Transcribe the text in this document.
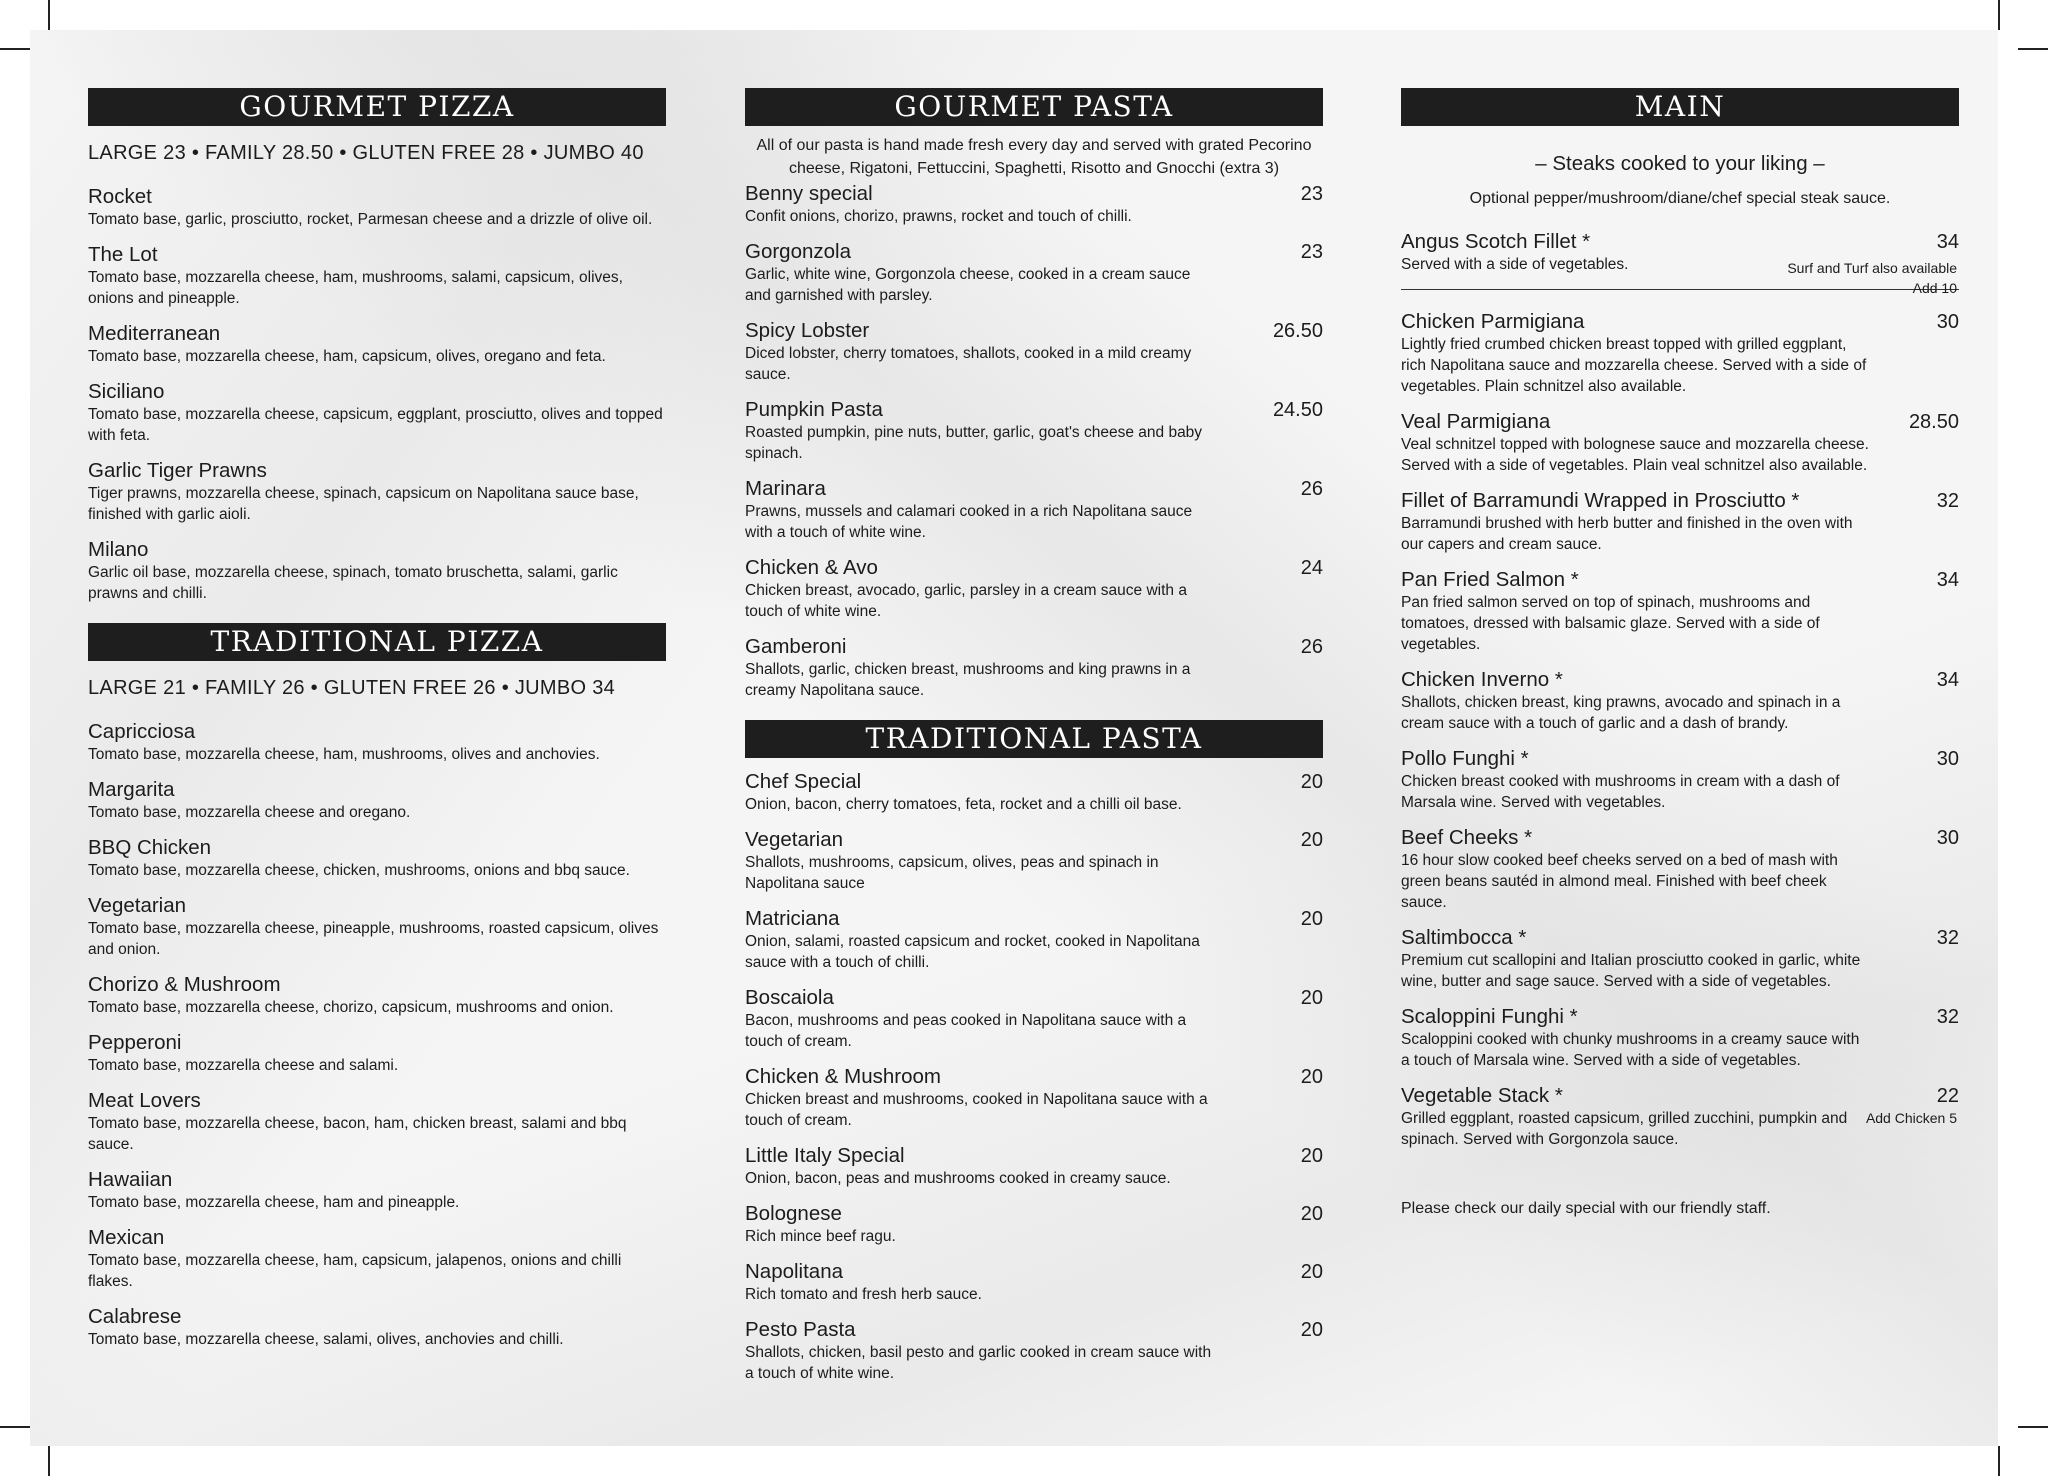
GOURMET PIZZA
LARGE 23 • FAMILY 28.50 • GLUTEN FREE 28 • JUMBO 40
Rocket
Tomato base, garlic, prosciutto, rocket, Parmesan cheese and a drizzle of olive oil.
The Lot
Tomato base, mozzarella cheese, ham, mushrooms, salami, capsicum, olives, onions and pineapple.
Mediterranean
Tomato base, mozzarella cheese, ham, capsicum, olives, oregano and feta.
Siciliano
Tomato base, mozzarella cheese, capsicum, eggplant, prosciutto, olives and topped with feta.
Garlic Tiger Prawns
Tiger prawns, mozzarella cheese, spinach, capsicum on Napolitana sauce base, finished with garlic aioli.
Milano
Garlic oil base, mozzarella cheese, spinach, tomato bruschetta, salami, garlic prawns and chilli.
TRADITIONAL PIZZA
LARGE 21 • FAMILY 26 • GLUTEN FREE 26 • JUMBO 34
Capricciosa
Tomato base, mozzarella cheese, ham, mushrooms, olives and anchovies.
Margarita
Tomato base, mozzarella cheese and oregano.
BBQ Chicken
Tomato base, mozzarella cheese, chicken, mushrooms, onions and bbq sauce.
Vegetarian
Tomato base, mozzarella cheese, pineapple, mushrooms, roasted capsicum, olives and onion.
Chorizo & Mushroom
Tomato base, mozzarella cheese, chorizo, capsicum, mushrooms and onion.
Pepperoni
Tomato base, mozzarella cheese and salami.
Meat Lovers
Tomato base, mozzarella cheese, bacon, ham, chicken breast, salami and bbq sauce.
Hawaiian
Tomato base, mozzarella cheese, ham and pineapple.
Mexican
Tomato base, mozzarella cheese, ham, capsicum, jalapenos, onions and chilli flakes.
Calabrese
Tomato base, mozzarella cheese, salami, olives, anchovies and chilli.
GOURMET PASTA
All of our pasta is hand made fresh every day and served with grated Pecorino cheese, Rigatoni, Fettuccini, Spaghetti, Risotto and Gnocchi (extra 3)
Benny special	23
Confit onions, chorizo, prawns, rocket and touch of chilli.
Gorgonzola	23
Garlic, white wine, Gorgonzola cheese, cooked in a cream sauce and garnished with parsley.
Spicy Lobster	26.50
Diced lobster, cherry tomatoes, shallots, cooked in a mild creamy sauce.
Pumpkin Pasta	24.50
Roasted pumpkin, pine nuts, butter, garlic, goat's cheese and baby spinach.
Marinara	26
Prawns, mussels and calamari cooked in a rich Napolitana sauce with a touch of white wine.
Chicken & Avo	24
Chicken breast, avocado, garlic, parsley in a cream sauce with a touch of white wine.
Gamberoni	26
Shallots, garlic, chicken breast, mushrooms and king prawns in a creamy Napolitana sauce.
TRADITIONAL PASTA
Chef Special	20
Onion, bacon, cherry tomatoes, feta, rocket and a chilli oil base.
Vegetarian	20
Shallots, mushrooms, capsicum, olives, peas and spinach in Napolitana sauce
Matriciana	20
Onion, salami, roasted capsicum and rocket, cooked in Napolitana sauce with a touch of chilli.
Boscaiola	20
Bacon, mushrooms and peas cooked in Napolitana sauce with a touch of cream.
Chicken & Mushroom	20
Chicken breast and mushrooms, cooked in Napolitana sauce with a touch of cream.
Little Italy Special	20
Onion, bacon, peas and mushrooms cooked in creamy sauce.
Bolognese	20
Rich mince beef ragu.
Napolitana	20
Rich tomato and fresh herb sauce.
Pesto Pasta	20
Shallots, chicken, basil pesto and garlic cooked in cream sauce with a touch of white wine.
MAIN
– Steaks cooked to your liking –
Optional pepper/mushroom/diane/chef special steak sauce.
Angus Scotch Fillet *	34
Served with a side of vegetables.	Surf and Turf also available
Add 10
Chicken Parmigiana	30
Lightly fried crumbed chicken breast topped with grilled eggplant, rich Napolitana sauce and mozzarella cheese. Served with a side of vegetables. Plain schnitzel also available.
Veal Parmigiana	28.50
Veal schnitzel topped with bolognese sauce and mozzarella cheese. Served with a side of vegetables. Plain veal schnitzel also available.
Fillet of Barramundi Wrapped in Prosciutto *	32
Barramundi brushed with herb butter and finished in the oven with our capers and cream sauce.
Pan Fried Salmon *	34
Pan fried salmon served on top of spinach, mushrooms and tomatoes, dressed with balsamic glaze. Served with a side of vegetables.
Chicken Inverno *	34
Shallots, chicken breast, king prawns, avocado and spinach in a cream sauce with a touch of garlic and a dash of brandy.
Pollo Funghi *	30
Chicken breast cooked with mushrooms in cream with a dash of Marsala wine. Served with vegetables.
Beef Cheeks *	30
16 hour slow cooked beef cheeks served on a bed of mash with green beans sautéd in almond meal. Finished with beef cheek sauce.
Saltimbocca *	32
Premium cut scallopini and Italian prosciutto cooked in garlic, white wine, butter and sage sauce. Served with a side of vegetables.
Scaloppini Funghi *	32
Scaloppini cooked with chunky mushrooms in a creamy sauce with a touch of Marsala wine. Served with a side of vegetables.
Vegetable Stack *	22
Grilled eggplant, roasted capsicum, grilled zucchini, pumpkin and spinach. Served with Gorgonzola sauce.
Add Chicken 5
Please check our daily special with our friendly staff.
